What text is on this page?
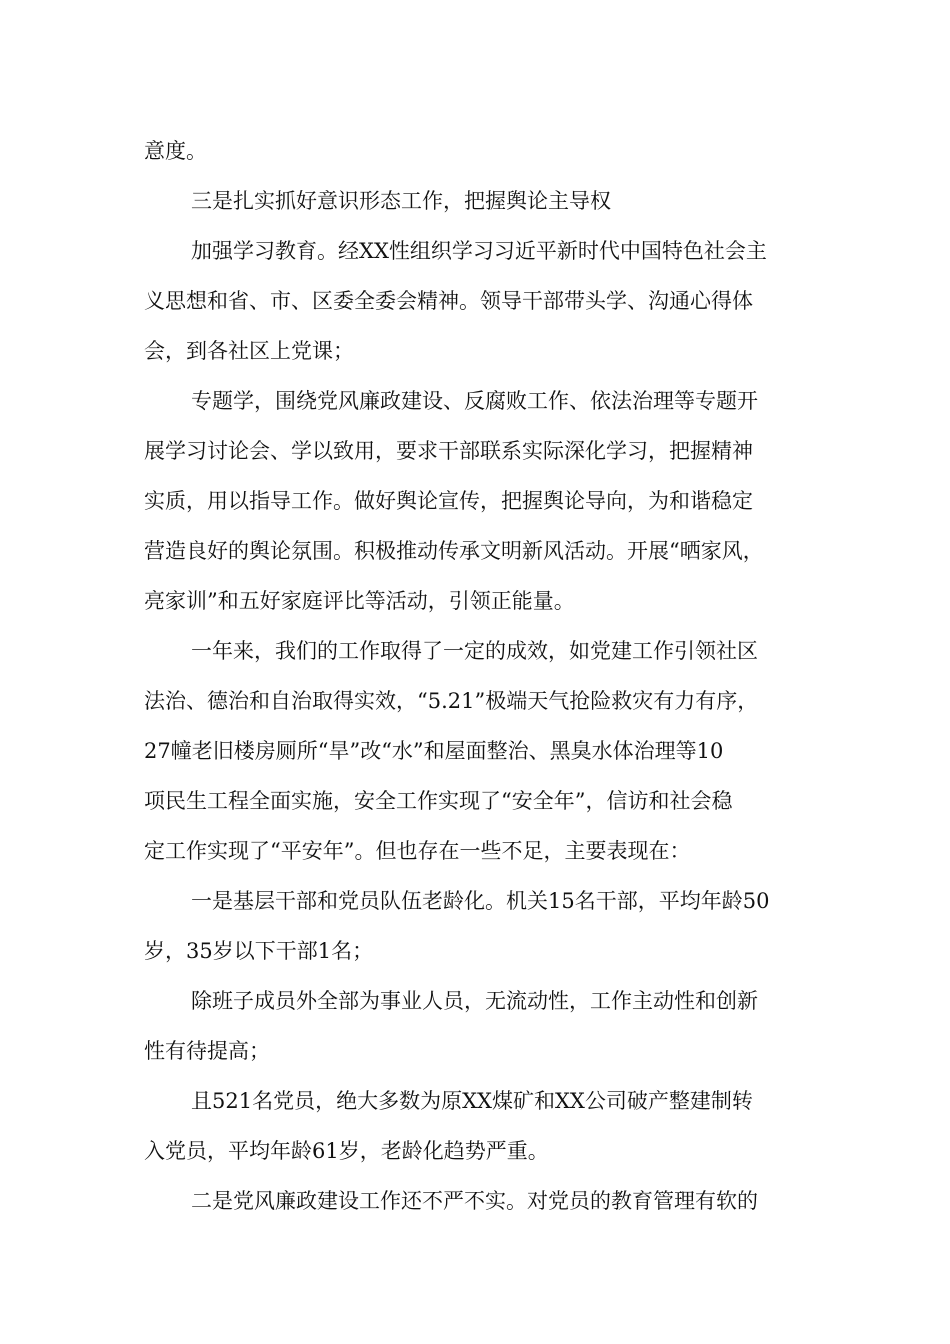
意度。
三是扎实抓好意识形态工作，把握舆论主导权
加强学习教育。经XX性组织学习习近平新时代中国特色社会主
义思想和省、市、区委全委会精神。领导干部带头学、沟通心得体
会，到各社区上党课；
专题学，围绕党风廉政建设、反腐败工作、依法治理等专题开
展学习讨论会、学以致用，要求干部联系实际深化学习，把握精神
实质，用以指导工作。做好舆论宣传，把握舆论导向，为和谐稳定
营造良好的舆论氛围。积极推动传承文明新风活动。开展“晒家风，
亮家训”和五好家庭评比等活动，引领正能量。
一年来，我们的工作取得了一定的成效，如党建工作引领社区
法治、德治和自治取得实效，“5.21”极端天气抢险救灾有力有序，
27幢老旧楼房厕所“旱”改“水”和屋面整治、黑臭水体治理等10
项民生工程全面实施，安全工作实现了“安全年”，信访和社会稳
定工作实现了“平安年”。但也存在一些不足，主要表现在：
一是基层干部和党员队伍老龄化。机关15名干部，平均年龄50
岁，35岁以下干部1名；
除班子成员外全部为事业人员，无流动性，工作主动性和创新
性有待提高；
且521名党员，绝大多数为原XX煤矿和XX公司破产整建制转
入党员，平均年龄61岁，老龄化趋势严重。
二是党风廉政建设工作还不严不实。对党员的教育管理有软的
